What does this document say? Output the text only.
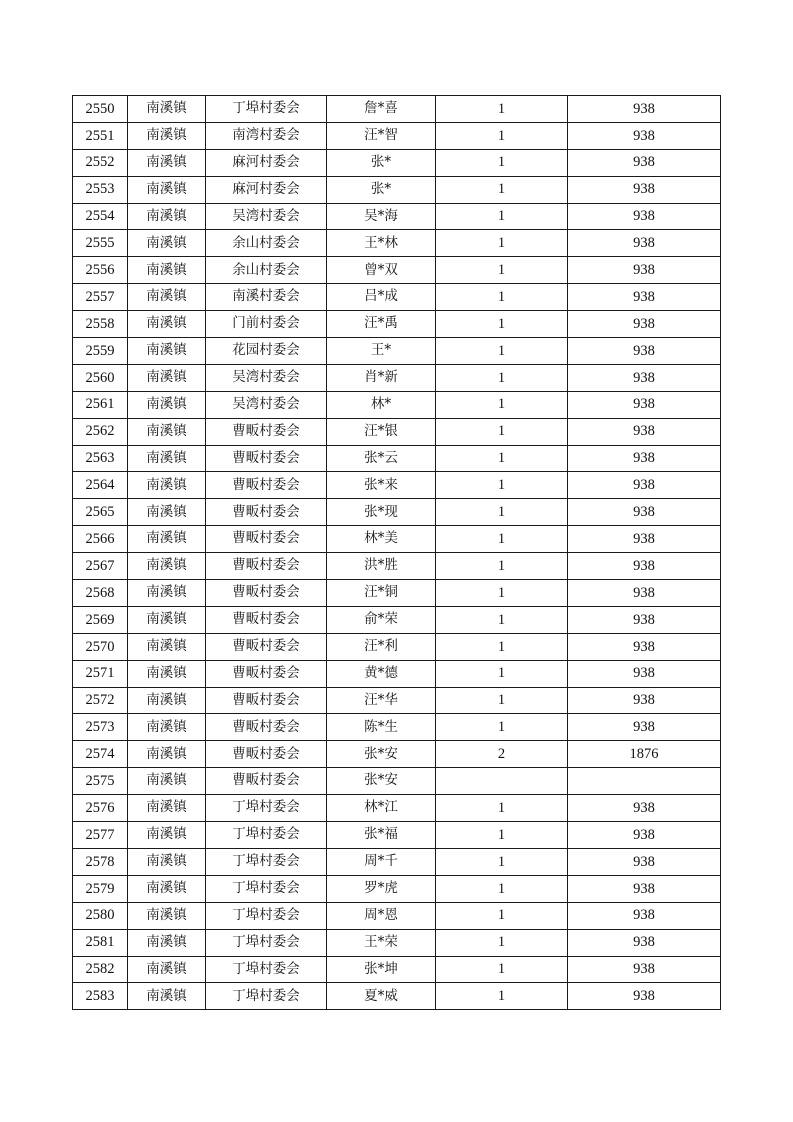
2550	南溪镇	丁埠村委会	詹*喜	1	938
2551	南溪镇	南湾村委会	汪*智	1	938
2552	南溪镇	麻河村委会	张*	1	938
2553	南溪镇	麻河村委会	张*	1	938
2554	南溪镇	吴湾村委会	吴*海	1	938
2555	南溪镇	余山村委会	王*林	1	938
2556	南溪镇	余山村委会	曾*双	1	938
2557	南溪镇	南溪村委会	吕*成	1	938
2558	南溪镇	门前村委会	汪*禹	1	938
2559	南溪镇	花园村委会	王*	1	938
2560	南溪镇	吴湾村委会	肖*新	1	938
2561	南溪镇	吴湾村委会	林*	1	938
2562	南溪镇	曹畈村委会	汪*银	1	938
2563	南溪镇	曹畈村委会	张*云	1	938
2564	南溪镇	曹畈村委会	张*来	1	938
2565	南溪镇	曹畈村委会	张*现	1	938
2566	南溪镇	曹畈村委会	林*美	1	938
2567	南溪镇	曹畈村委会	洪*胜	1	938
2568	南溪镇	曹畈村委会	汪*铜	1	938
2569	南溪镇	曹畈村委会	俞*荣	1	938
2570	南溪镇	曹畈村委会	汪*利	1	938
2571	南溪镇	曹畈村委会	黄*德	1	938
2572	南溪镇	曹畈村委会	汪*华	1	938
2573	南溪镇	曹畈村委会	陈*生	1	938
2574	南溪镇	曹畈村委会	张*安	2	1876
2575	南溪镇	曹畈村委会	张*安		
2576	南溪镇	丁埠村委会	林*江	1	938
2577	南溪镇	丁埠村委会	张*福	1	938
2578	南溪镇	丁埠村委会	周*千	1	938
2579	南溪镇	丁埠村委会	罗*虎	1	938
2580	南溪镇	丁埠村委会	周*恩	1	938
2581	南溪镇	丁埠村委会	王*荣	1	938
2582	南溪镇	丁埠村委会	张*坤	1	938
2583	南溪镇	丁埠村委会	夏*威	1	938
